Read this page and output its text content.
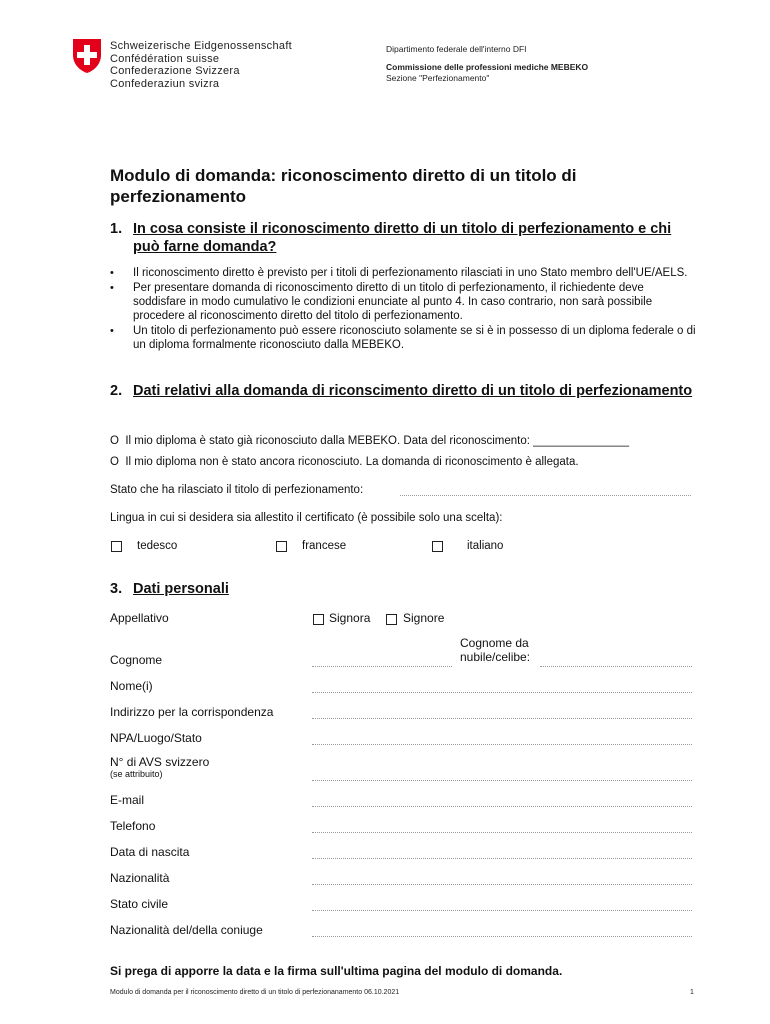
Schweizerische Eidgenossenschaft
Confédération suisse
Confederazione Svizzera
Confederaziun svizra
Dipartimento federale dell'interno DFI
Commissione delle professioni mediche MEBEKO
Sezione "Perfezionamento"
Modulo di domanda: riconoscimento diretto di un titolo di perfezionamento
1. In cosa consiste il riconoscimento diretto di un titolo di perfezionamento e chi può farne domanda?
• Il riconoscimento diretto è previsto per i titoli di perfezionamento rilasciati in uno Stato membro dell'UE/AELS.
• Per presentare domanda di riconoscimento diretto di un titolo di perfezionamento, il richiedente deve soddisfare in modo cumulativo le condizioni enunciate al punto 4. In caso contrario, non sarà possibile procedere al riconoscimento diretto del titolo di perfezionamento.
• Un titolo di perfezionamento può essere riconosciuto solamente se si è in possesso di un diploma federale o di un diploma formalmente riconosciuto dalla MEBEKO.
2. Dati relativi alla domanda di riconscimento diretto di un titolo di perfezionamento
O Il mio diploma è stato già riconosciuto dalla MEBEKO. Data del riconoscimento: _______________
O Il mio diploma non è stato ancora riconosciuto. La domanda di riconoscimento è allegata.
Stato che ha rilasciato il titolo di perfezionamento:
Lingua in cui si desidera sia allestito il certificato (è possibile solo una scelta):
tedesco	francese	italiano
3. Dati personali
Appellativo	Signora	Signore
Cognome da nubile/celibe:
Cognome
Nome(i)
Indirizzo per la corrispondenza
NPA/Luogo/Stato
N° di AVS svizzero
(se attribuito)
E-mail
Telefono
Data di nascita
Nazionalità
Stato civile
Nazionalità del/della coniuge
Si prega di apporre la data e la firma sull'ultima pagina del modulo di domanda.
Modulo di domanda per il riconoscimento diretto di un titolo di perfezionanamento 06.10.2021	1
